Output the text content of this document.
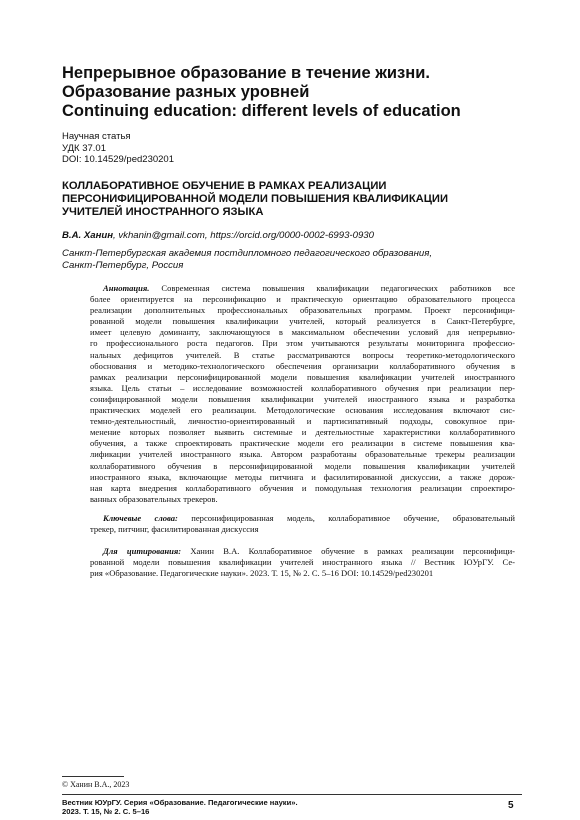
Непрерывное образование в течение жизни.
Образование разных уровней
Continuing education: different levels of education
Научная статья
УДК 37.01
DOI: 10.14529/ped230201
КОЛЛАБОРАТИВНОЕ ОБУЧЕНИЕ В РАМКАХ РЕАЛИЗАЦИИ
ПЕРСОНИФИЦИРОВАННОЙ МОДЕЛИ ПОВЫШЕНИЯ КВАЛИФИКАЦИИ
УЧИТЕЛЕЙ ИНОСТРАННОГО ЯЗЫКА
В.А. Ханин, vkhanin@gmail.com, https://orcid.org/0000-0002-6993-0930
Санкт-Петербургская академия постдипломного педагогического образования,
Санкт-Петербург, Россия
Аннотация. Современная система повышения квалификации педагогических работников все
более ориентируется на персонификацию и практическую ориентацию образовательного процесса
реализации дополнительных профессиональных образовательных программ. Проект персонифици-
рованной модели повышения квалификации учителей, который реализуется в Санкт-Петербурге,
имеет целевую доминанту, заключающуюся в максимальном обеспечении условий для непрерывно-
го профессионального роста педагогов. При этом учитываются результаты мониторинга профессио-
нальных дефицитов учителей. В статье рассматриваются вопросы теоретико-методологического
обоснования и методико-технологического обеспечения организации коллаборативного обучения в
рамках реализации персонифицированной модели повышения квалификации учителей иностранного
языка. Цель статьи – исследование возможностей коллаборативного обучения при реализации пер-
сонифицированной модели повышения квалификации учителей иностранного языка и разработка
практических моделей его реализации. Методологические основания исследования включают сис-
темно-деятельностный, личностно-ориентированный и партисипативный подходы, совокупное при-
менение которых позволяет выявить системные и деятельностные характеристики коллаборативного
обучения, а также спроектировать практические модели его реализации в системе повышения ква-
лификации учителей иностранного языка. Автором разработаны образовательные трекеры реализации
коллаборативного обучения в персонифицированной модели повышения квалификации учителей
иностранного языка, включающие методы питчинга и фасилитированной дискуссии, а также дорож-
ная карта внедрения коллаборативного обучения и помодульная технология реализации спроектиро-
ванных образовательных трекеров.
Ключевые слова: персонифицированная модель, коллаборативное обучение, образовательный
трекер, питчинг, фасилитированная дискуссия
Для цитирования: Ханин В.А. Коллаборативное обучение в рамках реализации персонифици-
рованной модели повышения квалификации учителей иностранного языка // Вестник ЮУрГУ. Се-
рия «Образование. Педагогические науки». 2023. Т. 15, № 2. С. 5–16 DOI: 10.14529/ped230201
© Ханин В.А., 2023
Вестник ЮУрГУ. Серия «Образование. Педагогические науки».
2023. Т. 15, № 2. С. 5–16
5
